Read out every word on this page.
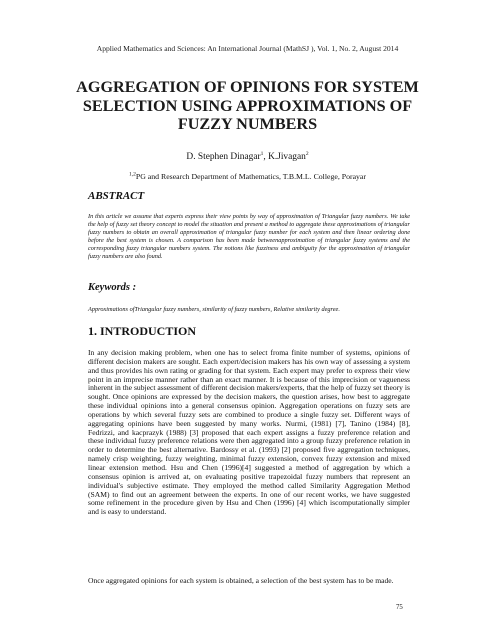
Applied Mathematics and Sciences: An International Journal (MathSJ ), Vol. 1, No. 2, August 2014
AGGREGATION OF OPINIONS FOR SYSTEM SELECTION USING APPROXIMATIONS OF FUZZY NUMBERS
D. Stephen Dinagar$^1$, K.Jivagan$^2$
$^{1,2}$PG and Research Department of Mathematics, T.B.M.L. College, Porayar
ABSTRACT
In this article we assume that experts express their view points by way of approximation of Triangular fuzzy numbers. We take the help of fuzzy set theory concept to model the situation and present a method to aggregate these approximations of triangular fuzzy numbers to obtain an overall approximation of triangular fuzzy number for each system and then linear ordering done before the best system is chosen. A comparison has been made betweenapproximation of triangular fuzzy systems and the corresponding fuzzy triangular numbers system. The notions like fuzziness and ambiguity for the approximation of triangular fuzzy numbers are also found.
Keywords :
Approximations ofTriangular fuzzy numbers, similarity of fuzzy numbers, Relative similarity degree.
1. INTRODUCTION
In any decision making problem, when one has to select froma finite number of systems, opinions of different decision makers are sought. Each expert/decision makers has his own way of assessing a system and thus provides his own rating or grading for that system. Each expert may prefer to express their view point in an imprecise manner rather than an exact manner. It is because of this imprecision or vagueness inherent in the subject assessment of different decision makers/experts, that the help of fuzzy set theory is sought. Once opinions are expressed by the decision makers, the question arises, how best to aggregate these individual opinions into a general consensus opinion. Aggregation operations on fuzzy sets are operations by which several fuzzy sets are combined to produce a single fuzzy set. Different ways of aggregating opinions have been suggested by many works. Nurmi, (1981) [7], Tanino (1984) [8], Fedrizzi, and kacprazyk (1988) [3] proposed that each expert assigns a fuzzy preference relation and these individual fuzzy preference relations were then aggregated into a group fuzzy preference relation in order to determine the best alternative. Bardossy et al. (1993) [2] proposed five aggregation techniques, namely crisp weighting, fuzzy weighting, minimal fuzzy extension, convex fuzzy extension and mixed linear extension method. Hsu and Chen (1996)[4] suggested a method of aggregation by which a consensus opinion is arrived at, on evaluating positive trapezoidal fuzzy numbers that represent an individual's subjective estimate. They employed the method called Similarity Aggregation Method (SAM) to find out an agreement between the experts. In one of our recent works, we have suggested some refinement in the procedure given by Hsu and Chen (1996) [4] which iscomputationally simpler and is easy to understand.
Once aggregated opinions for each system is obtained, a selection of the best system has to be made.
75
